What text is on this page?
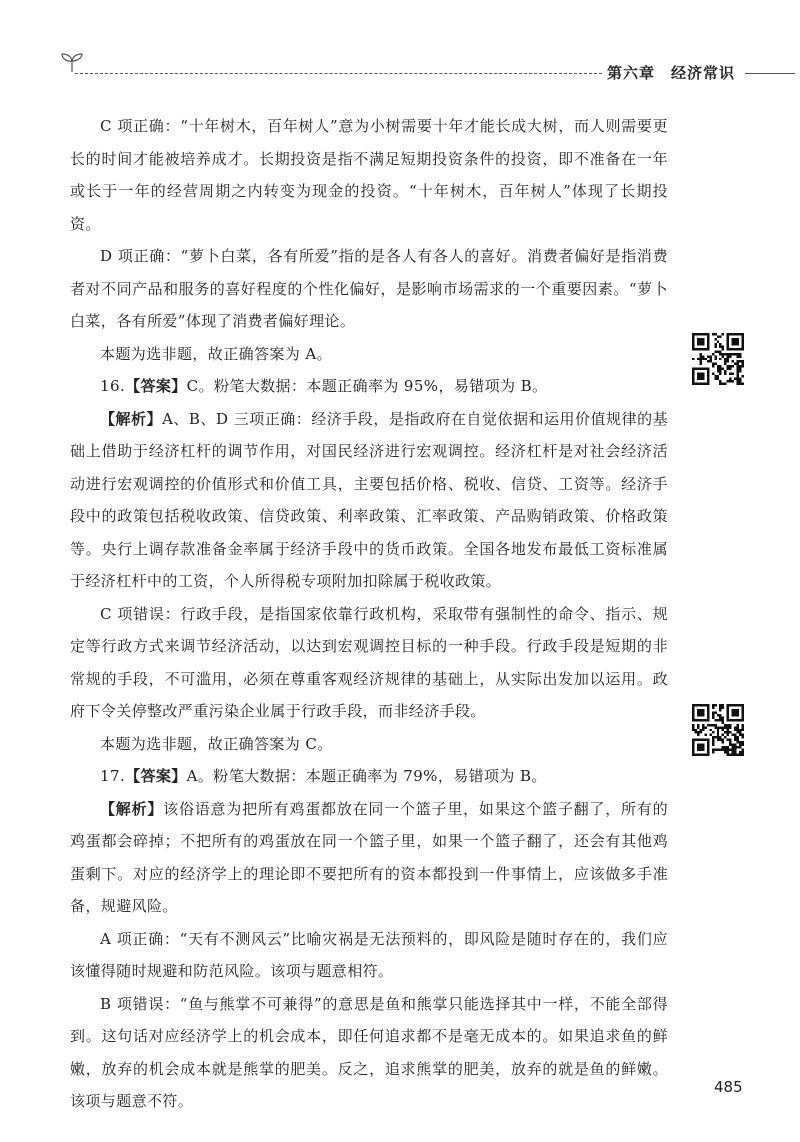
第六章 经济常识

C 项正确：“十年树木，百年树人”意为小树需要十年才能长成大树，而人则需要更长的时间才能被培养成才。长期投资是指不满足短期投资条件的投资，即不准备在一年或长于一年的经营周期之内转变为现金的投资。“十年树木，百年树人”体现了长期投资。

D 项正确：“萝卜白菜，各有所爱”指的是各人有各人的喜好。消费者偏好是指消费者对不同产品和服务的喜好程度的个性化偏好，是影响市场需求的一个重要因素。“萝卜白菜，各有所爱”体现了消费者偏好理论。

本题为选非题，故正确答案为 A。

16.【答案】C。粉笔大数据：本题正确率为 95%，易错项为 B。

【解析】A、B、D 三项正确：经济手段，是指政府在自觉依据和运用价值规律的基础上借助于经济杠杆的调节作用，对国民经济进行宏观调控。经济杠杆是对社会经济活动进行宏观调控的价值形式和价值工具，主要包括价格、税收、信贷、工资等。经济手段中的政策包括税收政策、信贷政策、利率政策、汇率政策、产品购销政策、价格政策等。央行上调存款准备金率属于经济手段中的货币政策。全国各地发布最低工资标准属于经济杠杆中的工资，个人所得税专项附加扣除属于税收政策。

C 项错误：行政手段，是指国家依靠行政机构，采取带有强制性的命令、指示、规定等行政方式来调节经济活动，以达到宏观调控目标的一种手段。行政手段是短期的非常规的手段，不可滥用，必须在尊重客观经济规律的基础上，从实际出发加以运用。政府下令关停整改严重污染企业属于行政手段，而非经济手段。

本题为选非题，故正确答案为 C。

17.【答案】A。粉笔大数据：本题正确率为 79%，易错项为 B。

【解析】该俗语意为把所有鸡蛋都放在同一个篮子里，如果这个篮子翻了，所有的鸡蛋都会碎掉；不把所有的鸡蛋放在同一个篮子里，如果一个篮子翻了，还会有其他鸡蛋剩下。对应的经济学上的理论即不要把所有的资本都投到一件事情上，应该做多手准备，规避风险。

A 项正确：“天有不测风云”比喻灾祸是无法预料的，即风险是随时存在的，我们应该懂得随时规避和防范风险。该项与题意相符。

B 项错误：“鱼与熊掌不可兼得”的意思是鱼和熊掌只能选择其中一样，不能全部得到。这句话对应经济学上的机会成本，即任何追求都不是毫无成本的。如果追求鱼的鲜嫩，放弃的机会成本就是熊掌的肥美。反之，追求熊掌的肥美，放弃的就是鱼的鲜嫩。该项与题意不符。

485
